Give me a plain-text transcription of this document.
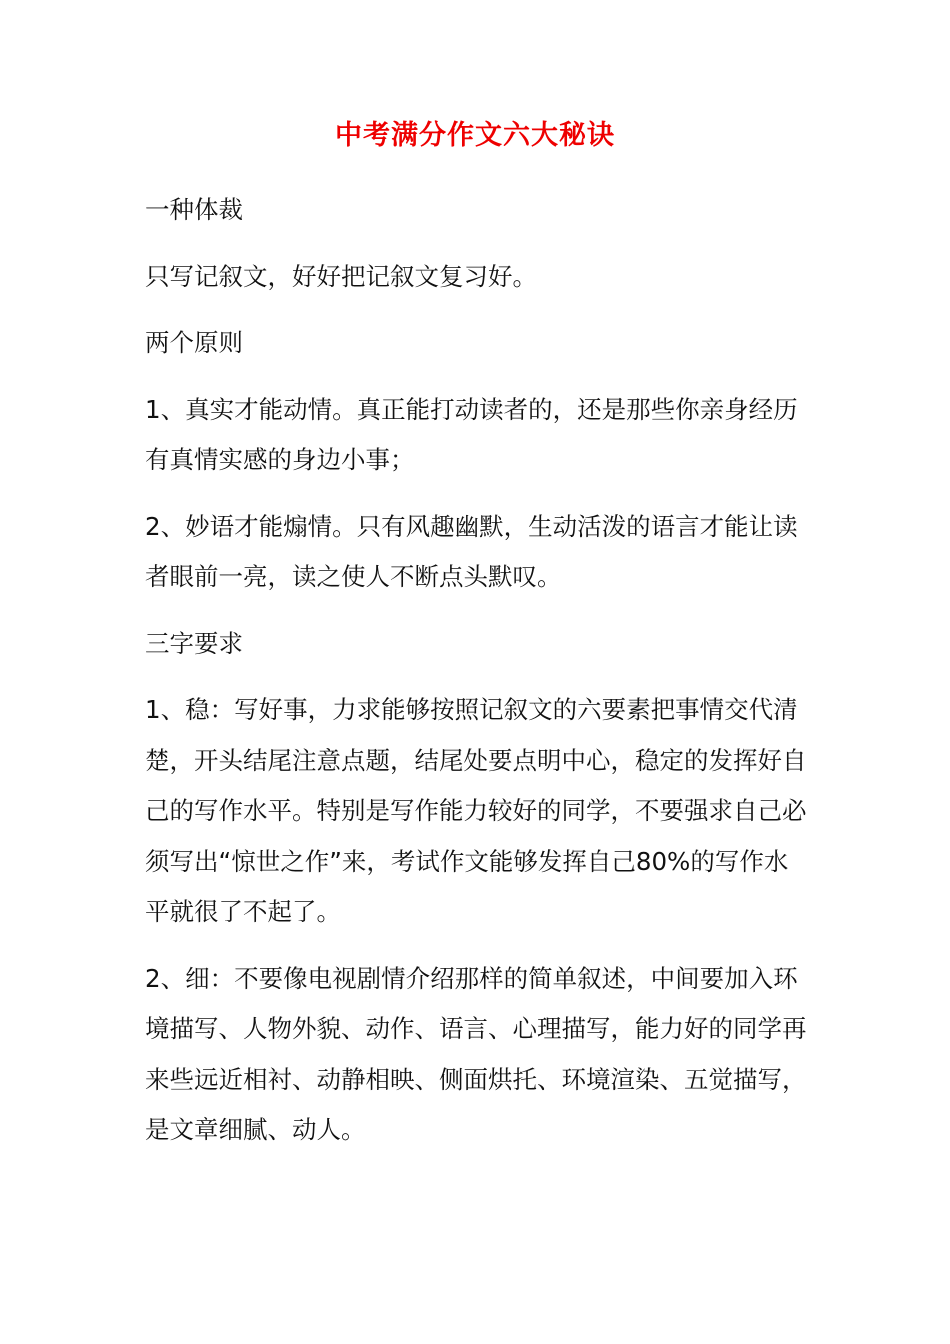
中考满分作文六大秘诀

一种体裁

只写记叙文，好好把记叙文复习好。

两个原则

1、真实才能动情。真正能打动读者的，还是那些你亲身经历有真情实感的身边小事；

2、妙语才能煽情。只有风趣幽默，生动活泼的语言才能让读者眼前一亮，读之使人不断点头默叹。

三字要求

1、稳：写好事，力求能够按照记叙文的六要素把事情交代清楚，开头结尾注意点题，结尾处要点明中心，稳定的发挥好自己的写作水平。特别是写作能力较好的同学，不要强求自己必须写出“惊世之作”来，考试作文能够发挥自己80%的写作水平就很了不起了。

2、细：不要像电视剧情介绍那样的简单叙述，中间要加入环境描写、人物外貌、动作、语言、心理描写，能力好的同学再来些远近相衬、动静相映、侧面烘托、环境渲染、五觉描写，是文章细腻、动人。
